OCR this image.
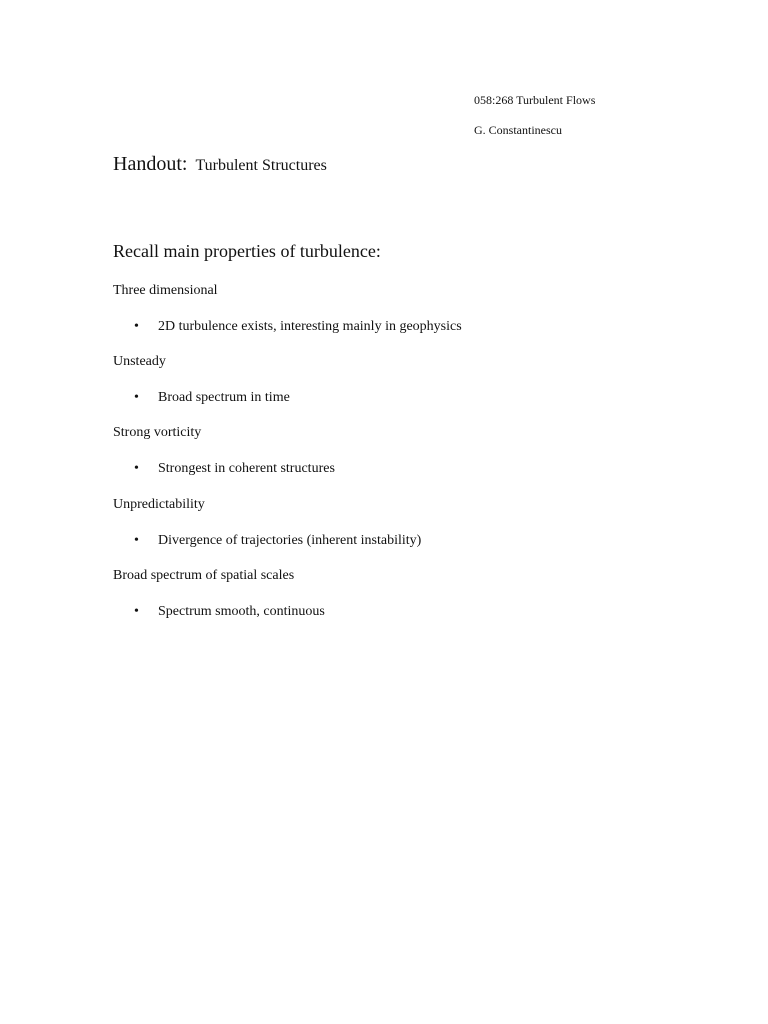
058:268 Turbulent Flows
G. Constantinescu
Handout: Turbulent Structures
Recall main properties of turbulence:
Three dimensional
• 2D turbulence exists, interesting mainly in geophysics
Unsteady
• Broad spectrum in time
Strong vorticity
• Strongest in coherent structures
Unpredictability
• Divergence of trajectories (inherent instability)
Broad spectrum of spatial scales
• Spectrum smooth, continuous
